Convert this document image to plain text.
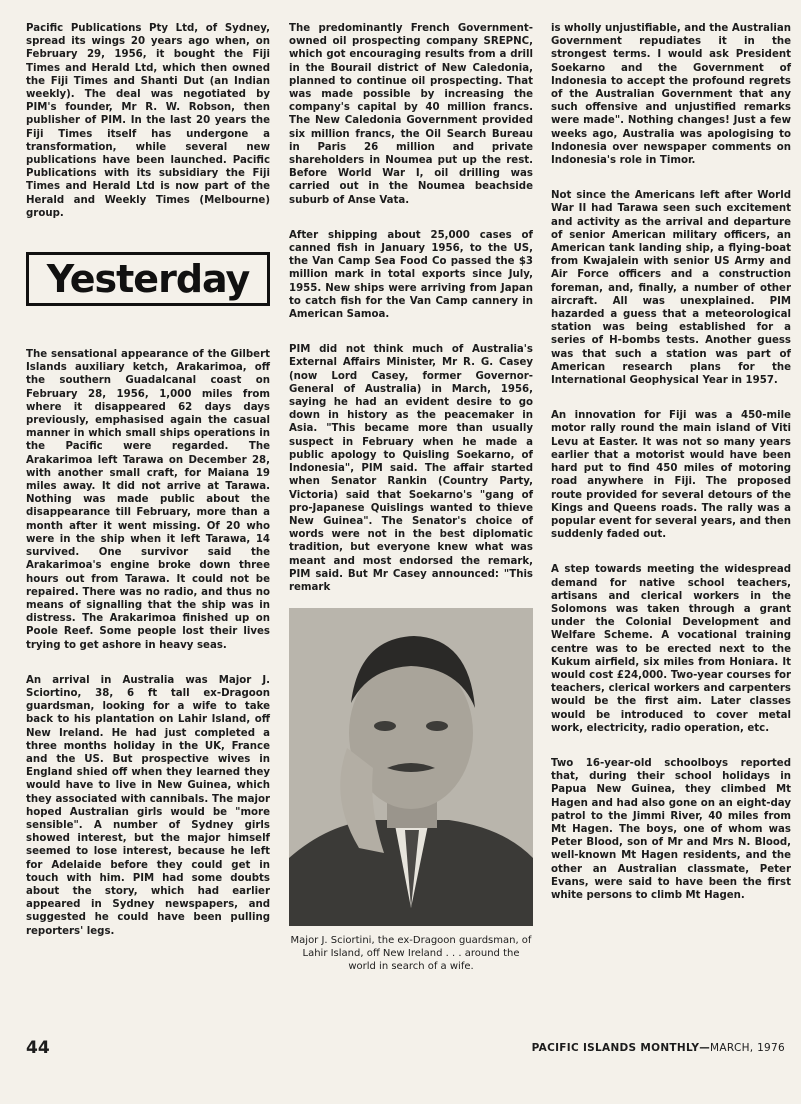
Pacific Publications Pty Ltd, of Sydney, spread its wings 20 years ago when, on February 29, 1956, it bought the Fiji Times and Herald Ltd, which then owned the Fiji Times and Shanti Dut (an Indian weekly). The deal was negotiated by PIM's founder, Mr R. W. Robson, then publisher of PIM. In the last 20 years the Fiji Times itself has undergone a transformation, while several new publications have been launched. Pacific Publications with its subsidiary the Fiji Times and Herald Ltd is now part of the Herald and Weekly Times (Melbourne) group.

Yesterday

The sensational appearance of the Gilbert Islands auxiliary ketch, Arakarimoa, off the southern Guadalcanal coast on February 28, 1956, 1,000 miles from where it disappeared 62 days days previously, emphasised again the casual manner in which small ships operations in the Pacific were regarded. The Arakarimoa left Tarawa on December 28, with another small craft, for Maiana 19 miles away. It did not arrive at Tarawa. Nothing was made public about the disappearance till February, more than a month after it went missing. Of 20 who were in the ship when it left Tarawa, 14 survived. One survivor said the Arakarimoa's engine broke down three hours out from Tarawa. It could not be repaired. There was no radio, and thus no means of signalling that the ship was in distress. The Arakarimoa finished up on Poole Reef. Some people lost their lives trying to get ashore in heavy seas.

An arrival in Australia was Major J. Sciortino, 38, 6 ft tall ex-Dragoon guardsman, looking for a wife to take back to his plantation on Lahir Island, off New Ireland. He had just completed a three months holiday in the UK, France and the US. But prospective wives in England shied off when they learned they would have to live in New Guinea, which they associated with cannibals. The major hoped Australian girls would be "more sensible". A number of Sydney girls showed interest, but the major himself seemed to lose interest, because he left for Adelaide before they could get in touch with him. PIM had some doubts about the story, which had earlier appeared in Sydney newspapers, and suggested he could have been pulling reporters' legs.

The predominantly French Government-owned oil prospecting company SREPNC, which got encouraging results from a drill in the Bourail district of New Caledonia, planned to continue oil prospecting. That was made possible by increasing the company's capital by 40 million francs. The New Caledonia Government provided six million francs, the Oil Search Bureau in Paris 26 million and private shareholders in Noumea put up the rest. Before World War I, oil drilling was carried out in the Noumea beachside suburb of Anse Vata.

After shipping about 25,000 cases of canned fish in January 1956, to the US, the Van Camp Sea Food Co passed the $3 million mark in total exports since July, 1955. New ships were arriving from Japan to catch fish for the Van Camp cannery in American Samoa.

PIM did not think much of Australia's External Affairs Minister, Mr R. G. Casey (now Lord Casey, former Governor-General of Australia) in March, 1956, saying he had an evident desire to go down in history as the peacemaker in Asia. "This became more than usually suspect in February when he made a public apology to Quisling Soekarno, of Indonesia", PIM said. The affair started when Senator Rankin (Country Party, Victoria) said that Soekarno's "gang of pro-Japanese Quislings wanted to thieve New Guinea". The Senator's choice of words were not in the best diplomatic tradition, but everyone knew what was meant and most endorsed the remark, PIM said. But Mr Casey announced: "This remark

Major J. Sciortini, the ex-Dragoon guardsman, of Lahir Island, off New Ireland . . . around the world in search of a wife.

is wholly unjustifiable, and the Australian Government repudiates it in the strongest terms. I would ask President Soekarno and the Government of Indonesia to accept the profound regrets of the Australian Government that any such offensive and unjustified remarks were made". Nothing changes! Just a few weeks ago, Australia was apologising to Indonesia over newspaper comments on Indonesia's role in Timor.

Not since the Americans left after World War II had Tarawa seen such excitement and activity as the arrival and departure of senior American military officers, an American tank landing ship, a flying-boat from Kwajalein with senior US Army and Air Force officers and a construction foreman, and, finally, a number of other aircraft. All was unexplained. PIM hazarded a guess that a meteorological station was being established for a series of H-bombs tests. Another guess was that such a station was part of American research plans for the International Geophysical Year in 1957.

An innovation for Fiji was a 450-mile motor rally round the main island of Viti Levu at Easter. It was not so many years earlier that a motorist would have been hard put to find 450 miles of motoring road anywhere in Fiji. The proposed route provided for several detours of the Kings and Queens roads. The rally was a popular event for several years, and then suddenly faded out.

A step towards meeting the widespread demand for native school teachers, artisans and clerical workers in the Solomons was taken through a grant under the Colonial Development and Welfare Scheme. A vocational training centre was to be erected next to the Kukum airfield, six miles from Honiara. It would cost £24,000. Two-year courses for teachers, clerical workers and carpenters would be the first aim. Later classes would be introduced to cover metal work, electricity, radio operation, etc.

Two 16-year-old schoolboys reported that, during their school holidays in Papua New Guinea, they climbed Mt Hagen and had also gone on an eight-day patrol to the Jimmi River, 40 miles from Mt Hagen. The boys, one of whom was Peter Blood, son of Mr and Mrs N. Blood, well-known Mt Hagen residents, and the other an Australian classmate, Peter Evans, were said to have been the first white persons to climb Mt Hagen.

44	PACIFIC ISLANDS MONTHLY—MARCH, 1976
